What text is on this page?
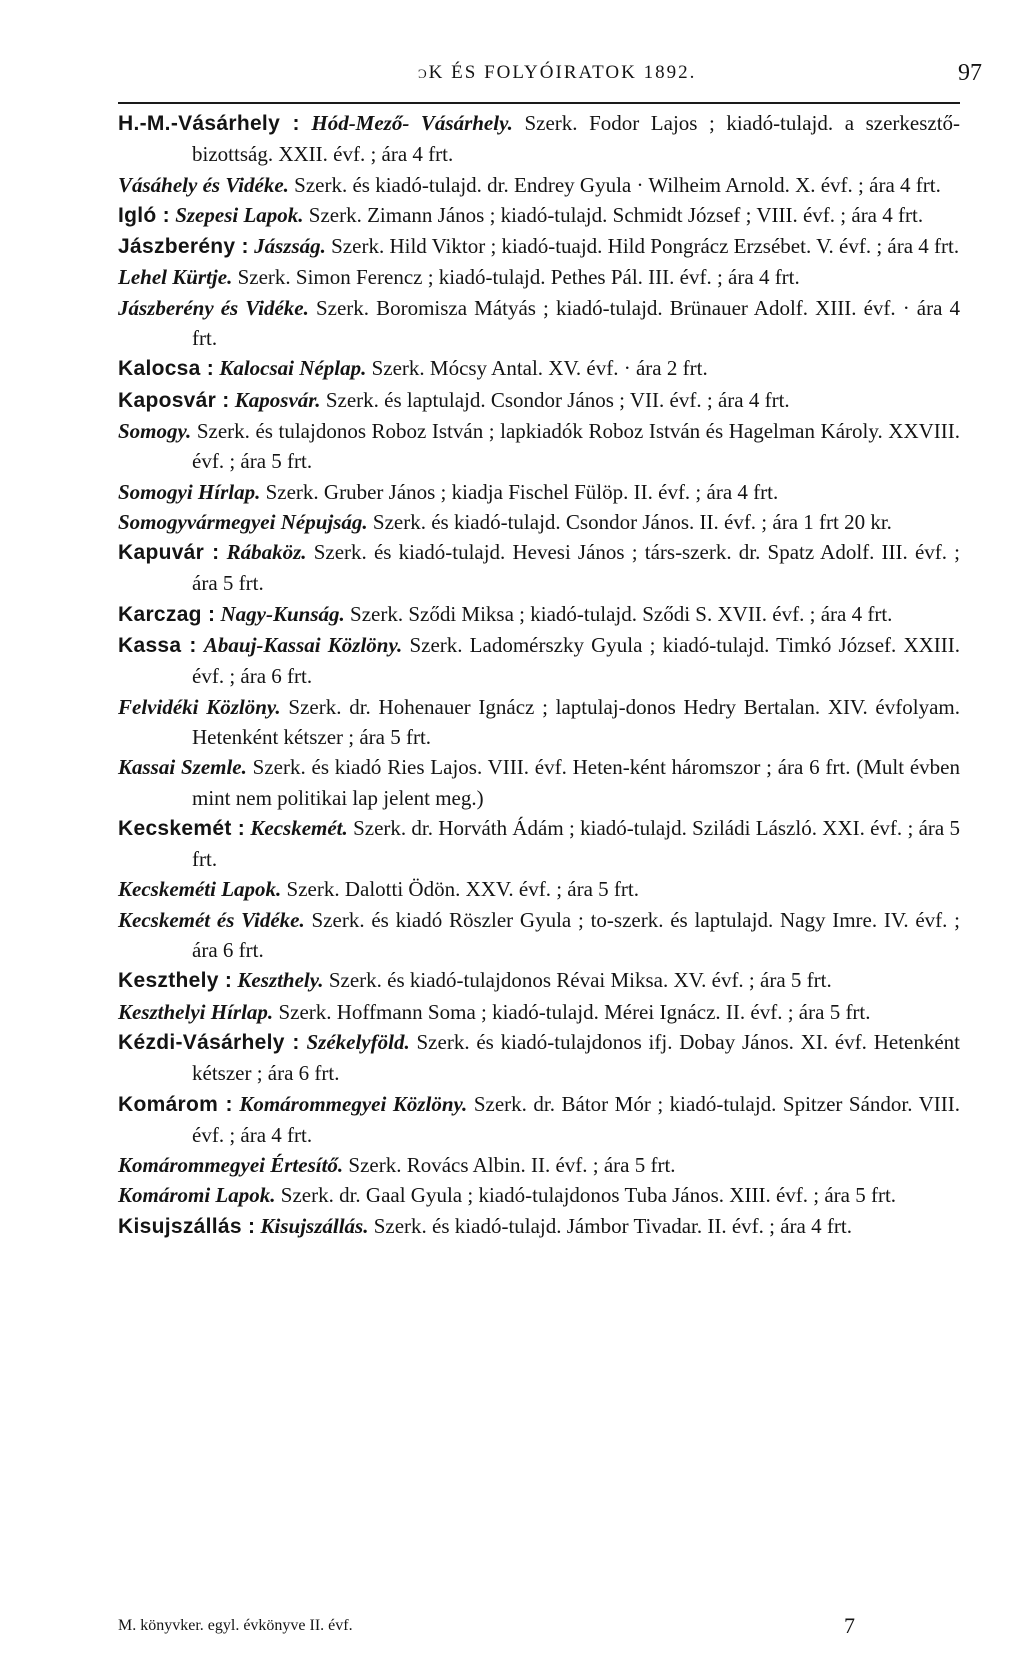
ɔK ÉS FOLYÓIRATOK 1892.	97

H.-M.-Vásárhely : Hód-Mező- Vásárhely. Szerk. Fodor Lajos ; kiadó-tulajd. a szerkesztő-bizottság. XXII. évf. ; ára 4 frt.

Vásáhely és Vidéke. Szerk. és kiadó-tulajd. dr. Endrey Gyula · Wilheim Arnold. X. évf. ; ára 4 frt.

Igló : Szepesi Lapok. Szerk. Zimann János ; kiadó-tulajd. Schmidt József ; VIII. évf. ; ára 4 frt.

Jászberény : Jászság. Szerk. Hild Viktor ; kiadó-tuajd. Hild Pongrácz Erzsébet. V. évf. ; ára 4 frt.

Lehel Kürtje. Szerk. Simon Ferencz ; kiadó-tulajd. Pethes Pál. III. évf. ; ára 4 frt.

Jászberény és Vidéke. Szerk. Boromisza Mátyás ; kiadó-tulajd. Brünauer Adolf. XIII. évf. · ára 4 frt.

Kalocsa : Kalocsai Néplap. Szerk. Mócsy Antal. XV. évf. · ára 2 frt.

Kaposvár : Kaposvár. Szerk. és laptulajd. Csondor János ; VII. évf. ; ára 4 frt.

Somogy. Szerk. és tulajdonos Roboz István ; lapkiadók Roboz István és Hagelman Károly. XXVIII. évf. ; ára 5 frt.

Somogyi Hírlap. Szerk. Gruber János ; kiadja Fischel Fülöp. II. évf. ; ára 4 frt.

Somogyvármegyei Népujság. Szerk. és kiadó-tulajd. Csondor János. II. évf. ; ára 1 frt 20 kr.

Kapuvár : Rábaköz. Szerk. és kiadó-tulajd. Hevesi János ; társ-szerk. dr. Spatz Adolf. III. évf. ; ára 5 frt.

Karczag : Nagy-Kunság. Szerk. Sződi Miksa ; kiadó-tulajd. Sződi S. XVII. évf. ; ára 4 frt.

Kassa : Abauj-Kassai Közlöny. Szerk. Ladomérszky Gyula ; kiadó-tulajd. Timkó József. XXIII. évf. ; ára 6 frt.

Felvidéki Közlöny. Szerk. dr. Hohenauer Ignácz ; laptulaj-donos Hedry Bertalan. XIV. évfolyam. Hetenként kétszer ; ára 5 frt.

Kassai Szemle. Szerk. és kiadó Ries Lajos. VIII. évf. Heten-ként háromszor ; ára 6 frt. (Mult évben mint nem politikai lap jelent meg.)

Kecskemét : Kecskemét. Szerk. dr. Horváth Ádám ; kiadó-tulajd. Sziládi László. XXI. évf. ; ára 5 frt.

Kecskeméti Lapok. Szerk. Dalotti Ödön. XXV. évf. ; ára 5 frt.

Kecskemét és Vidéke. Szerk. és kiadó Röszler Gyula ; to-szerk. és laptulajd. Nagy Imre. IV. évf. ; ára 6 frt.

Keszthely : Keszthely. Szerk. és kiadó-tulajdonos Révai Miksa. XV. évf. ; ára 5 frt.

Keszthelyi Hírlap. Szerk. Hoffmann Soma ; kiadó-tulajd. Mérei Ignácz. II. évf. ; ára 5 frt.

Kézdi-Vásárhely : Székelyföld. Szerk. és kiadó-tulajdonos ifj. Dobay János. XI. évf. Hetenként kétszer ; ára 6 frt.

Komárom : Komárommegyei Közlöny. Szerk. dr. Bátor Mór ; kiadó-tulajd. Spitzer Sándor. VIII. évf. ; ára 4 frt.

Komárommegyei Értesítő. Szerk. Rovács Albin. II. évf. ; ára 5 frt.

Komáromi Lapok. Szerk. dr. Gaal Gyula ; kiadó-tulajdonos Tuba János. XIII. évf. ; ára 5 frt.

Kisujszállás : Kisujszállás. Szerk. és kiadó-tulajd. Jámbor Tivadar. II. évf. ; ára 4 frt.

M. könyvker. egyl. évkönyve II. évf.	7
